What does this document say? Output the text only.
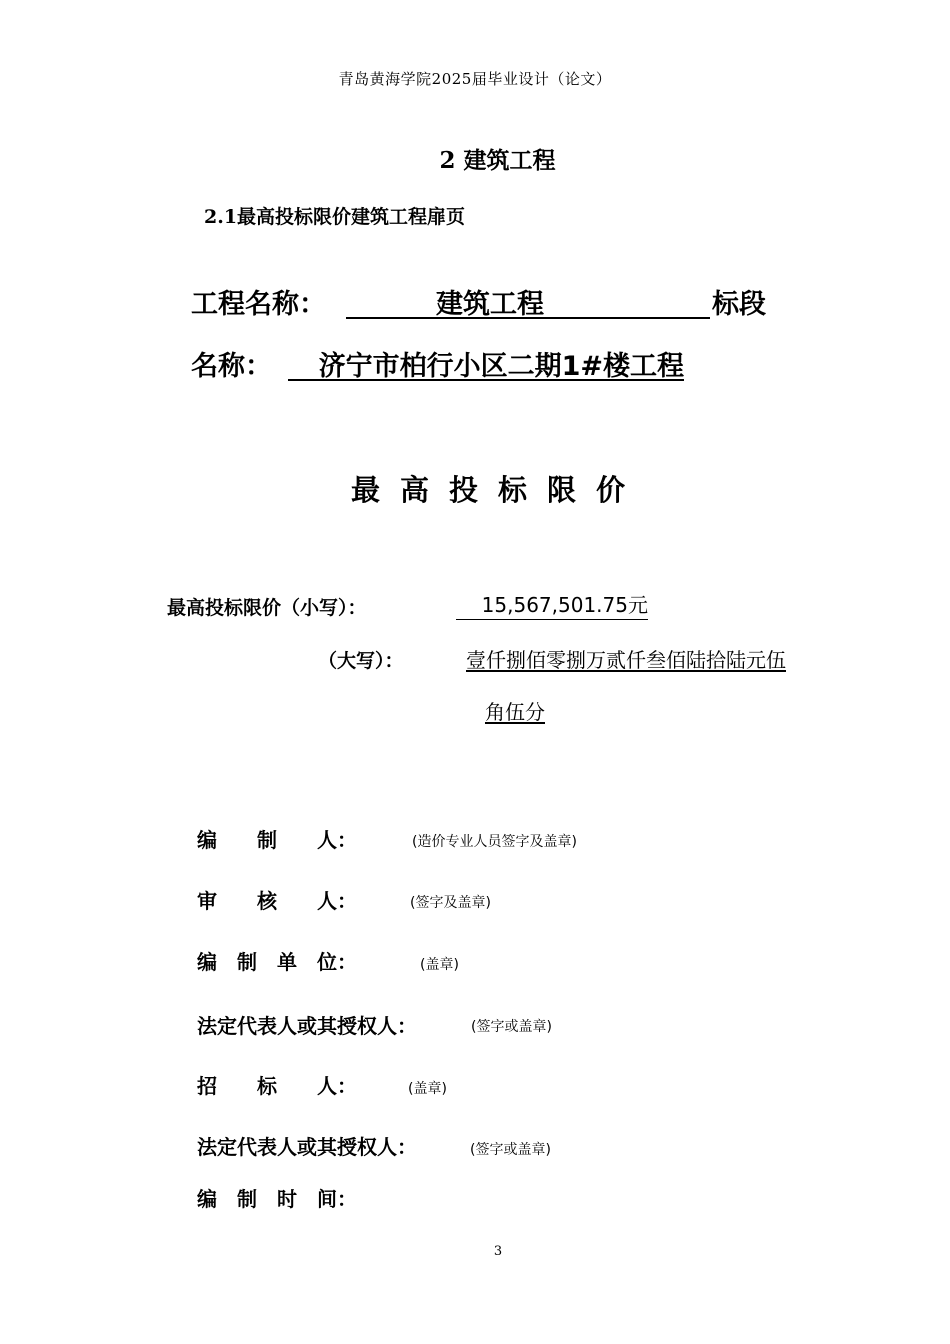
青岛黄海学院2025届毕业设计（论文）
2 建筑工程
2.1最高投标限价建筑工程扉页
工程名称：	建筑工程	标段
名称：	济宁市柏行小区二期1#楼工程
最高投标限价
最高投标限价（小写）：	15,567,501.75元
（大写）：	壹仟捌佰零捌万贰仟叁佰陆拾陆元伍
角伍分
编　　制　　人：	(造价专业人员签字及盖章)
审　　核　　人：	(签字及盖章)
编　制　单　位：	(盖章)
法定代表人或其授权人：	(签字或盖章)
招　　标　　人：	(盖章)
法定代表人或其授权人：	(签字或盖章)
编　制　时　间：
3
